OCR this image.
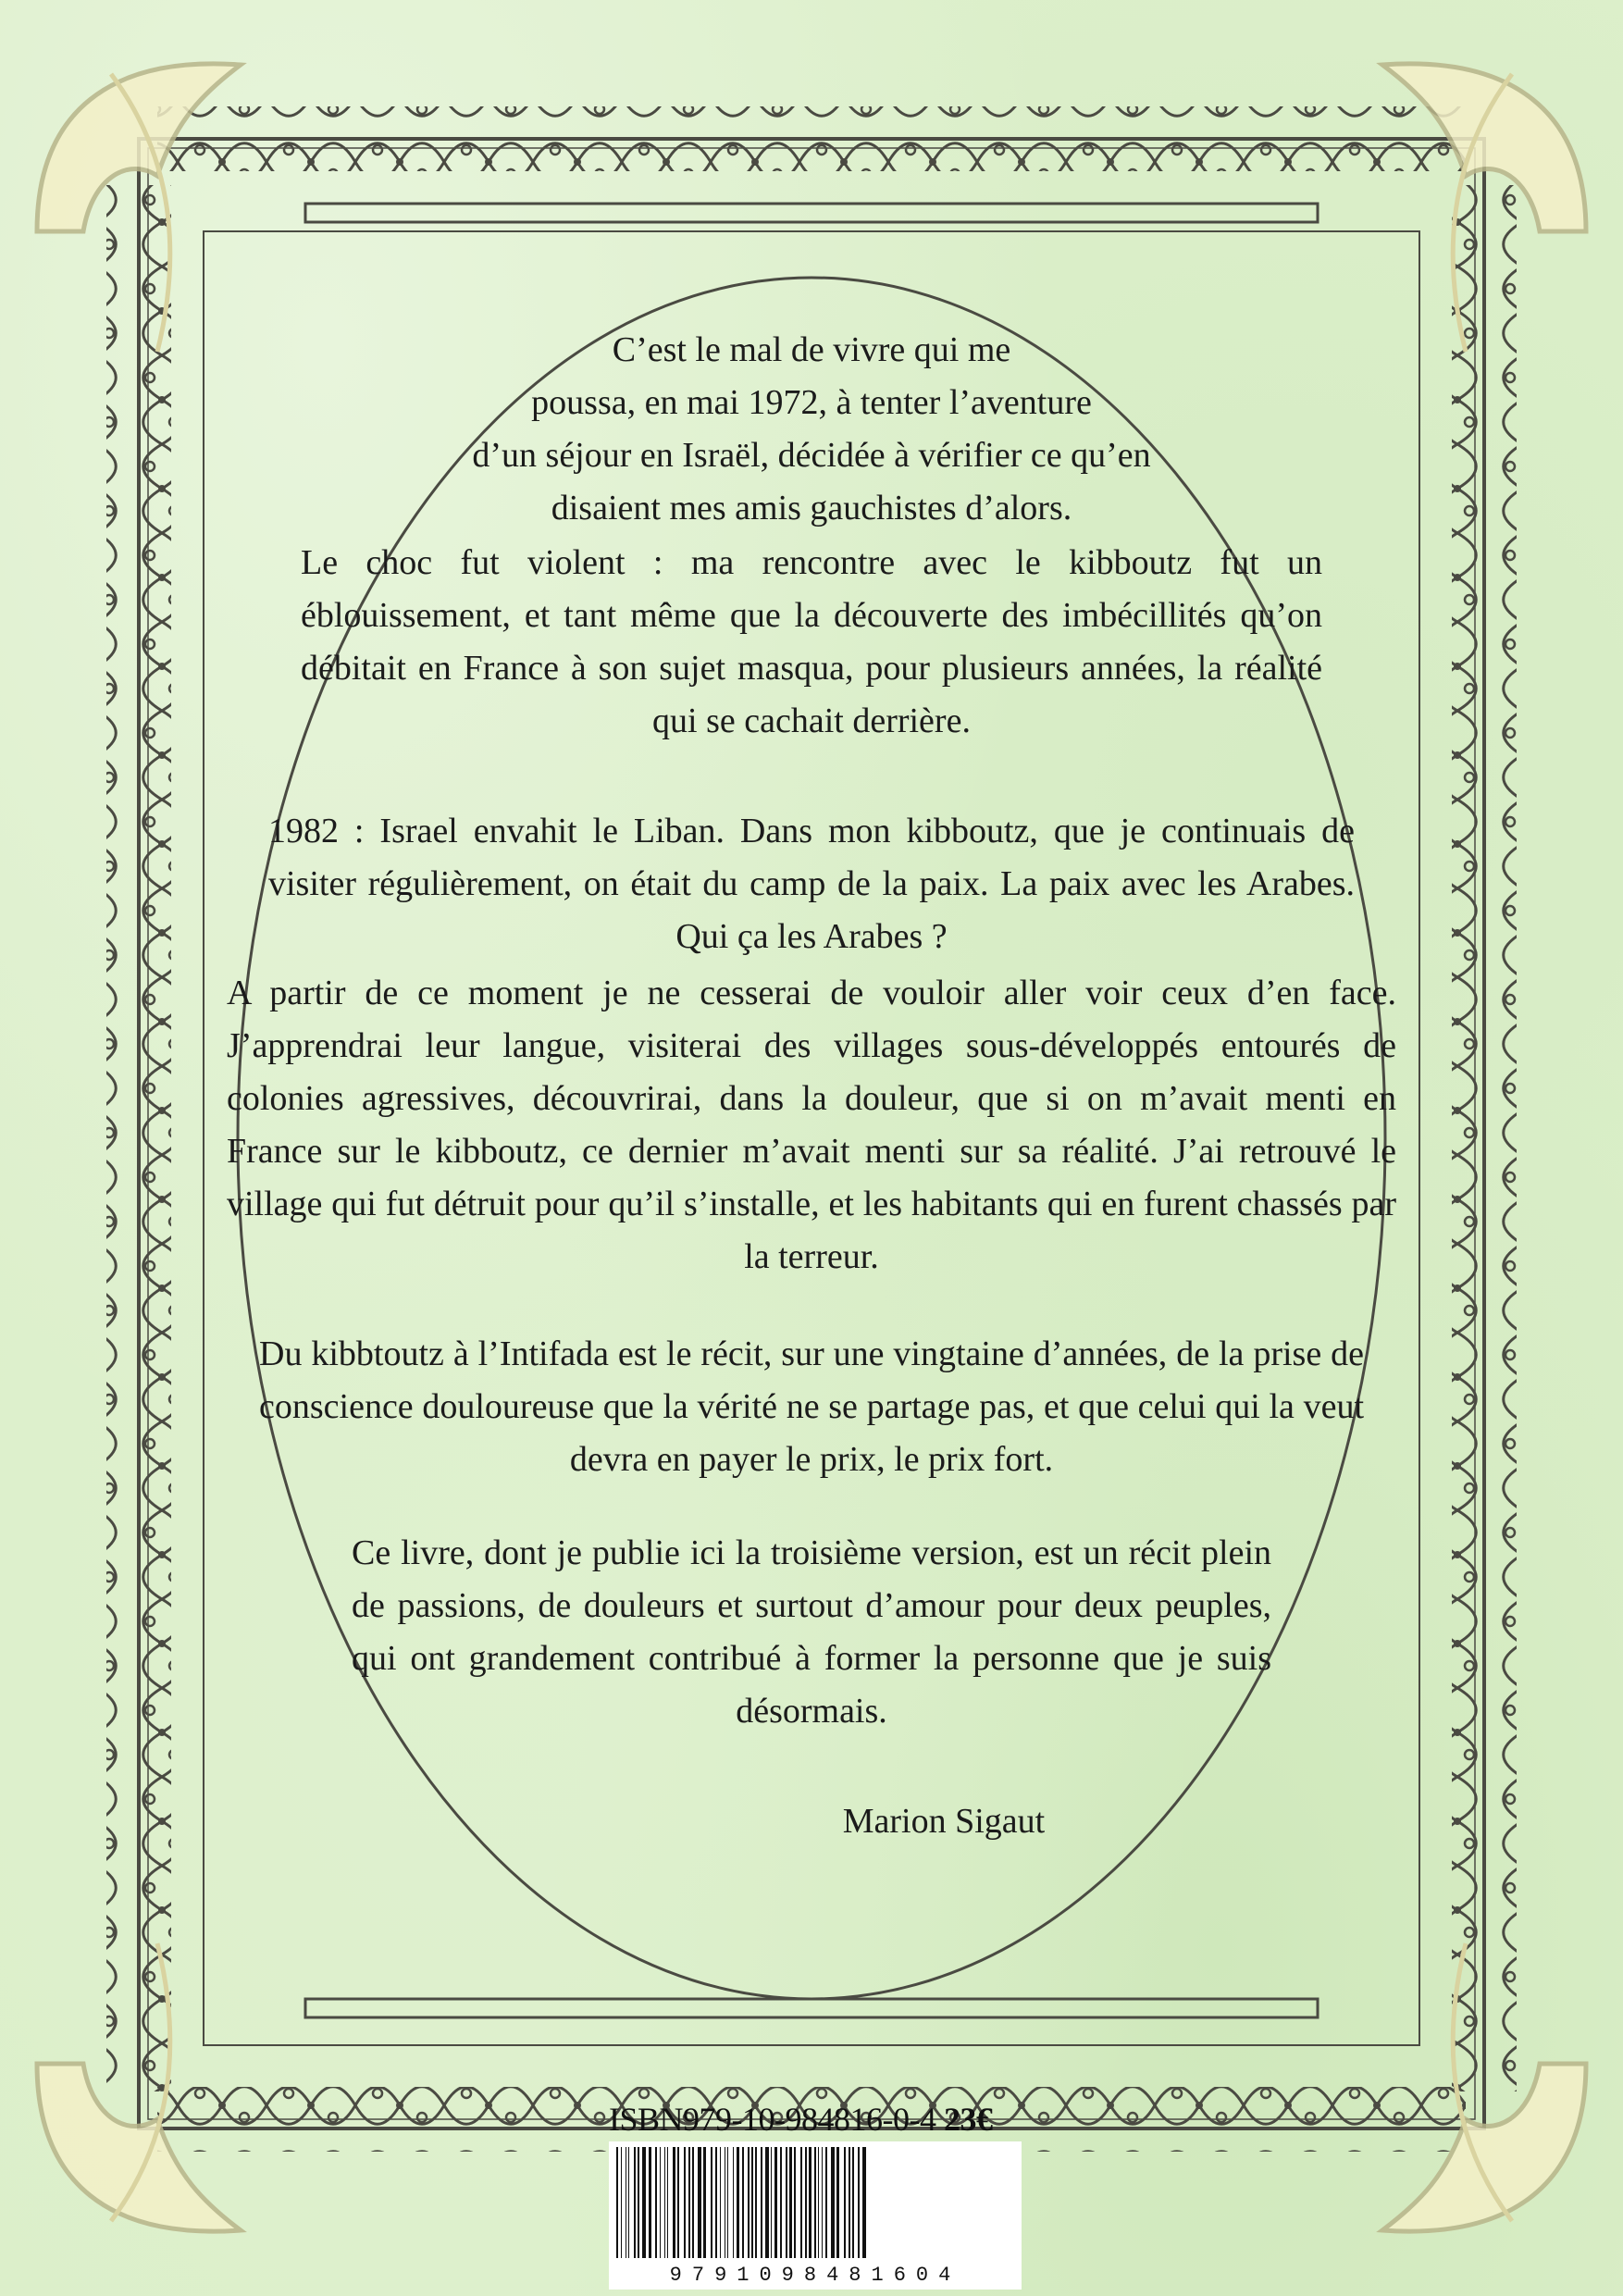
C’est le mal de vivre qui me
poussa, en mai 1972, à tenter l’aventure
d’un séjour en Israël, décidée à vérifier ce qu’en
disaient mes amis gauchistes d’alors.

Le choc fut violent : ma rencontre avec le kibboutz fut un éblouissement, et tant même que la découverte des imbécillités qu’on débitait en France à son sujet masqua, pour plusieurs années, la réalité qui se cachait derrière.

1982 : Israel envahit le Liban. Dans mon kibboutz, que je continuais de visiter régulièrement, on était du camp de la paix. La paix avec les Arabes. Qui ça les Arabes ?

A partir de ce moment je ne cesserai de vouloir aller voir ceux d’en face. J’apprendrai leur langue, visiterai des villages sous-développés entourés de colonies agressives, découvrirai, dans la douleur, que si on m’avait menti en France sur le kibboutz, ce dernier m’avait menti sur sa réalité. J’ai retrouvé le village qui fut détruit pour qu’il s’installe, et les habitants qui en furent chassés par la terreur.

Du kibbtoutz à l’Intifada est le récit, sur une vingtaine d’années, de la prise de conscience douloureuse que la vérité ne se partage pas, et que celui qui la veut devra en payer le prix, le prix fort.

Ce livre, dont je publie ici la troisième version, est un récit plein de passions, de douleurs et surtout d’amour pour deux peuples, qui ont grandement contribué à former la personne que je suis désormais.

Marion Sigaut

ISBN979-10-984816-0-4 23€
9791098481604
